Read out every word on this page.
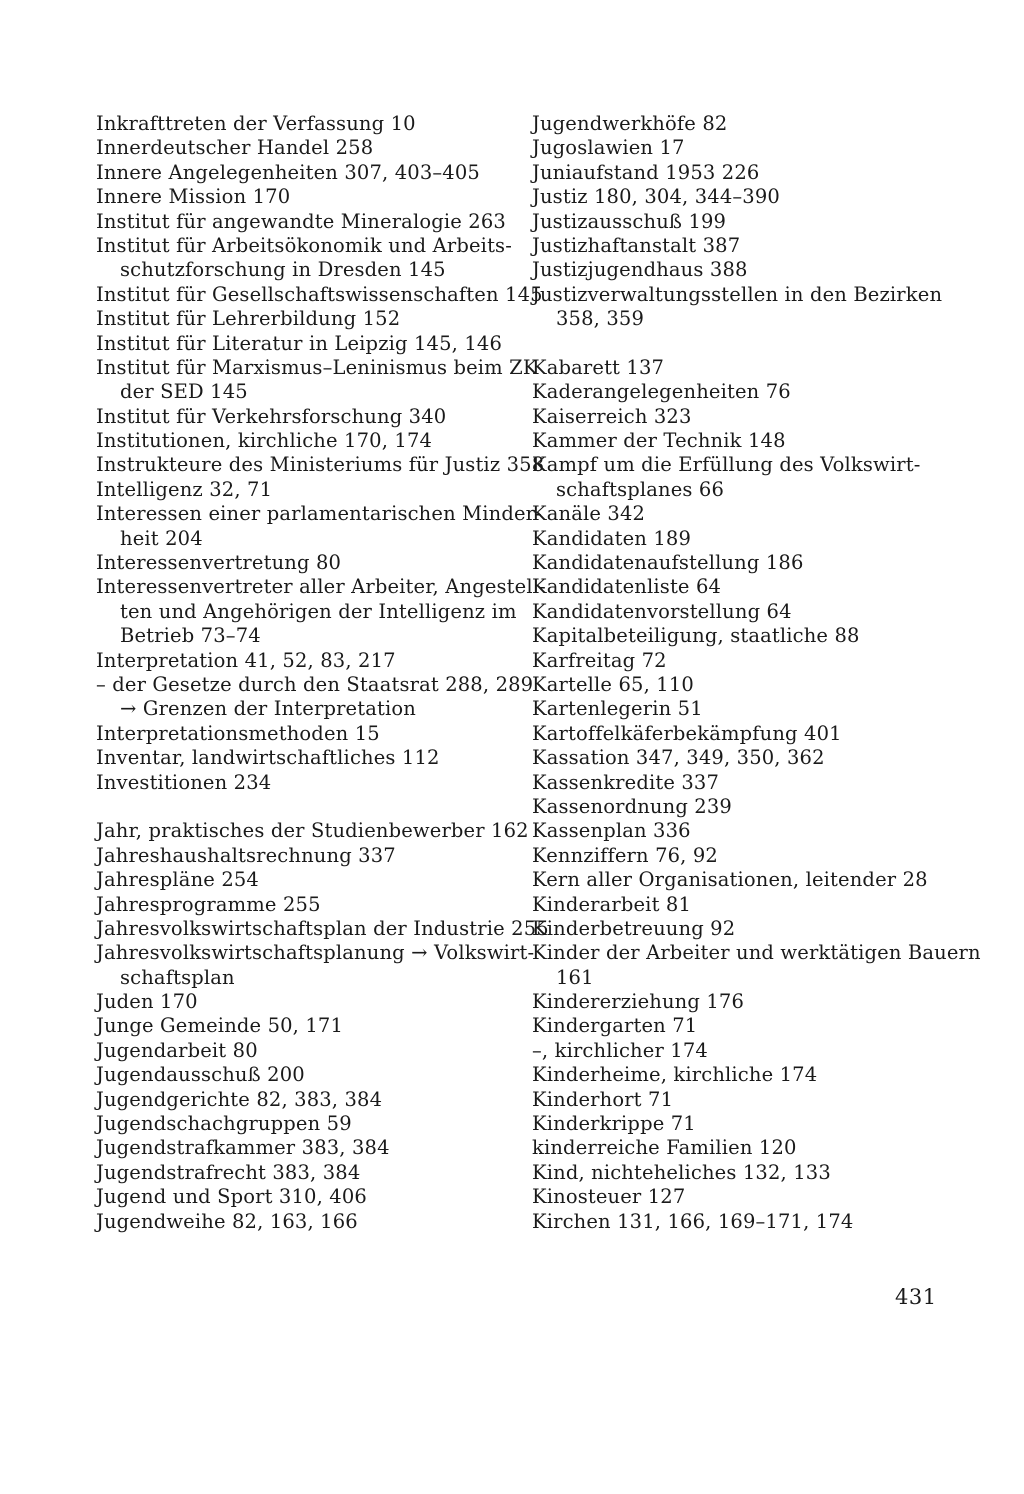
Inkrafttreten der Verfassung 10
Innerdeutscher Handel 258
Innere Angelegenheiten 307, 403–405
Innere Mission 170
Institut für angewandte Mineralogie 263
Institut für Arbeitsökonomik und Arbeits-
schutzforschung in Dresden 145
Institut für Gesellschaftswissenschaften 145
Institut für Lehrerbildung 152
Institut für Literatur in Leipzig 145, 146
Institut für Marxismus–Leninismus beim ZK
der SED 145
Institut für Verkehrsforschung 340
Institutionen, kirchliche 170, 174
Instrukteure des Ministeriums für Justiz 358
Intelligenz 32, 71
Interessen einer parlamentarischen Minder-
heit 204
Interessenvertretung 80
Interessenvertreter aller Arbeiter, Angestell-
ten und Angehörigen der Intelligenz im
Betrieb 73–74
Interpretation 41, 52, 83, 217
– der Gesetze durch den Staatsrat 288, 289
→ Grenzen der Interpretation
Interpretationsmethoden 15
Inventar, landwirtschaftliches 112
Investitionen 234
Jahr, praktisches der Studienbewerber 162
Jahreshaushaltsrechnung 337
Jahrespläne 254
Jahresprogramme 255
Jahresvolkswirtschaftsplan der Industrie 255
Jahresvolkswirtschaftsplanung → Volkswirt-
schaftsplan
Juden 170
Junge Gemeinde 50, 171
Jugendarbeit 80
Jugendausschuß 200
Jugendgerichte 82, 383, 384
Jugendschachgruppen 59
Jugendstrafkammer 383, 384
Jugendstrafrecht 383, 384
Jugend und Sport 310, 406
Jugendweihe 82, 163, 166
Jugendwerkhöfe 82
Jugoslawien 17
Juniaufstand 1953 226
Justiz 180, 304, 344–390
Justizausschuß 199
Justizhaftanstalt 387
Justizjugendhaus 388
Justizverwaltungsstellen in den Bezirken
358, 359
Kabarett 137
Kaderangelegenheiten 76
Kaiserreich 323
Kammer der Technik 148
Kampf um die Erfüllung des Volkswirt-
schaftsplanes 66
Kanäle 342
Kandidaten 189
Kandidatenaufstellung 186
Kandidatenliste 64
Kandidatenvorstellung 64
Kapitalbeteiligung, staatliche 88
Karfreitag 72
Kartelle 65, 110
Kartenlegerin 51
Kartoffelkäferbekämpfung 401
Kassation 347, 349, 350, 362
Kassenkredite 337
Kassenordnung 239
Kassenplan 336
Kennziffern 76, 92
Kern aller Organisationen, leitender 28
Kinderarbeit 81
Kinderbetreuung 92
Kinder der Arbeiter und werktätigen Bauern
161
Kindererziehung 176
Kindergarten 71
–, kirchlicher 174
Kinderheime, kirchliche 174
Kinderhort 71
Kinderkrippe 71
kinderreiche Familien 120
Kind, nichteheliches 132, 133
Kinosteuer 127
Kirchen 131, 166, 169–171, 174
431
